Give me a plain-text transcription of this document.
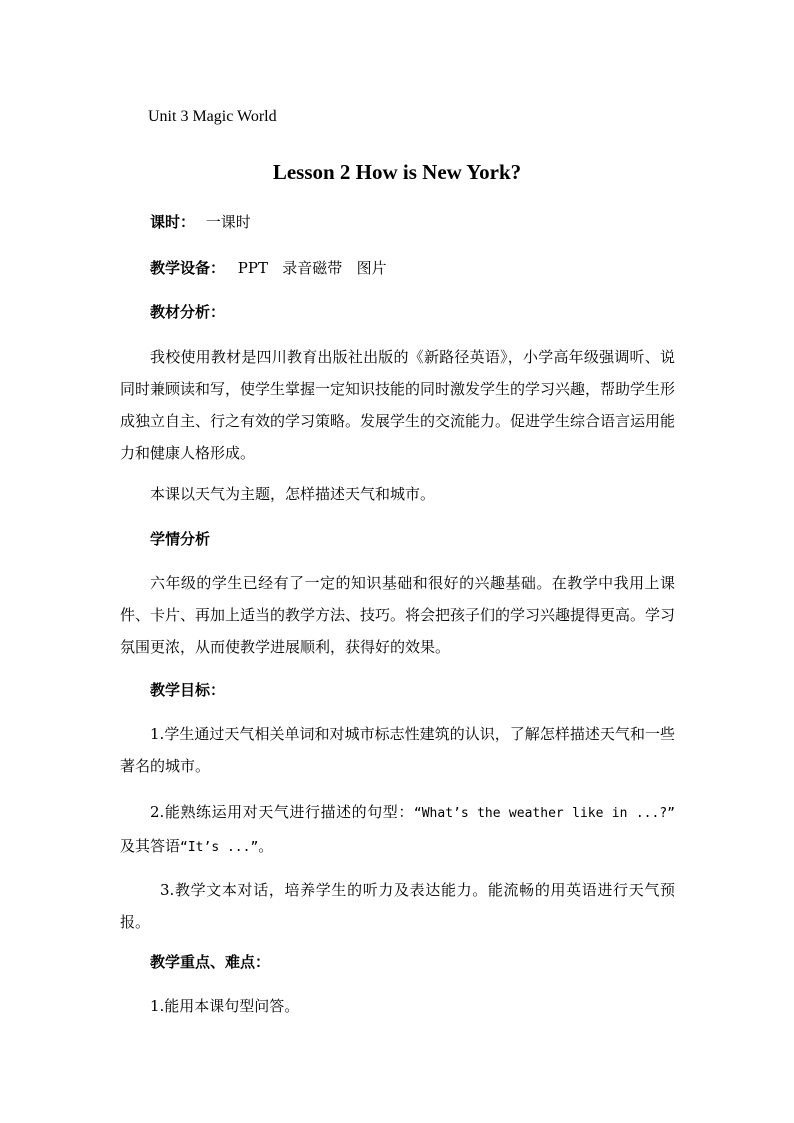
Unit 3 Magic World
Lesson 2 How is New York?
课时： 一课时
教学设备： PPT   录音磁带   图片
教材分析：
我校使用教材是四川教育出版社出版的《新路径英语》，小学高年级强调听、说同时兼顾读和写，使学生掌握一定知识技能的同时激发学生的学习兴趣，帮助学生形成独立自主、行之有效的学习策略。发展学生的交流能力。促进学生综合语言运用能力和健康人格形成。
本课以天气为主题，怎样描述天气和城市。
学情分析
六年级的学生已经有了一定的知识基础和很好的兴趣基础。在教学中我用上课件、卡片、再加上适当的教学方法、技巧。将会把孩子们的学习兴趣提得更高。学习氛围更浓，从而使教学进展顺利，获得好的效果。
教学目标：
1.学生通过天气相关单词和对城市标志性建筑的认识，了解怎样描述天气和一些著名的城市。
2.能熟练运用对天气进行描述的句型：“What’s the weather like in ...?” 及其答语“It’s ...”。
3.教学文本对话，培养学生的听力及表达能力。能流畅的用英语进行天气预报。
教学重点、难点：
1.能用本课句型问答。
